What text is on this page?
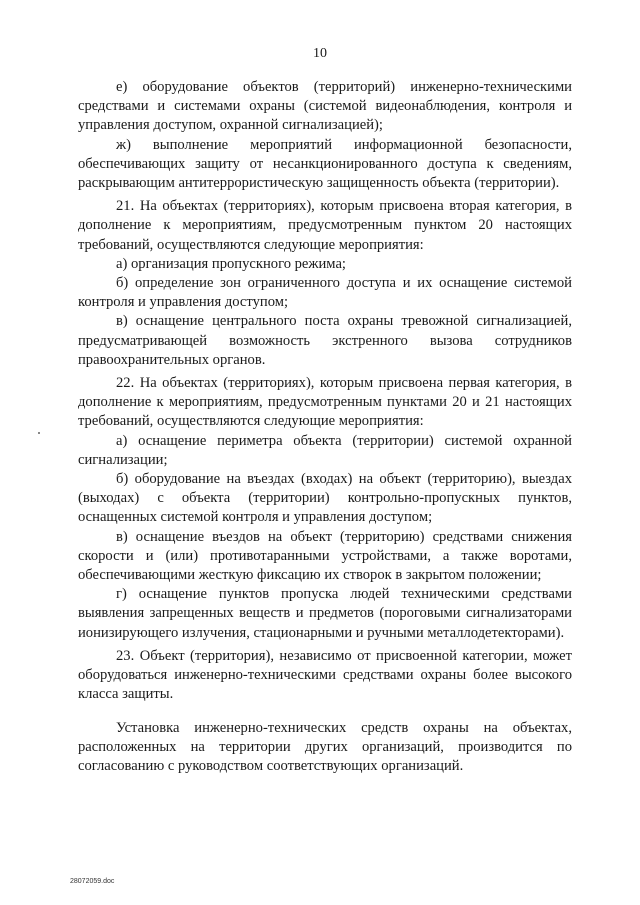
10

е) оборудование объектов (территорий) инженерно-техническими средствами и системами охраны (системой видеонаблюдения, контроля и управления доступом, охранной сигнализацией);

ж) выполнение мероприятий информационной безопасности, обеспечивающих защиту от несанкционированного доступа к сведениям, раскрывающим антитеррористическую защищенность объекта (территории).

21. На объектах (территориях), которым присвоена вторая категория, в дополнение к мероприятиям, предусмотренным пунктом 20 настоящих требований, осуществляются следующие мероприятия:

а) организация пропускного режима;

б) определение зон ограниченного доступа и их оснащение системой контроля и управления доступом;

в) оснащение центрального поста охраны тревожной сигнализацией, предусматривающей возможность экстренного вызова сотрудников правоохранительных органов.

22. На объектах (территориях), которым присвоена первая категория, в дополнение к мероприятиям, предусмотренным пунктами 20 и 21 настоящих требований, осуществляются следующие мероприятия:

а) оснащение периметра объекта (территории) системой охранной сигнализации;

б) оборудование на въездах (входах) на объект (территорию), выездах (выходах) с объекта (территории) контрольно-пропускных пунктов, оснащенных системой контроля и управления доступом;

в) оснащение въездов на объект (территорию) средствами снижения скорости и (или) противотаранными устройствами, а также воротами, обеспечивающими жесткую фиксацию их створок в закрытом положении;

г) оснащение пунктов пропуска людей техническими средствами выявления запрещенных веществ и предметов (пороговыми сигнализаторами ионизирующего излучения, стационарными и ручными металлодетекторами).

23. Объект (территория), независимо от присвоенной категории, может оборудоваться инженерно-техническими средствами охраны более высокого класса защиты.

Установка инженерно-технических средств охраны на объектах, расположенных на территории других организаций, производится по согласованию с руководством соответствующих организаций.

28072059.doc
